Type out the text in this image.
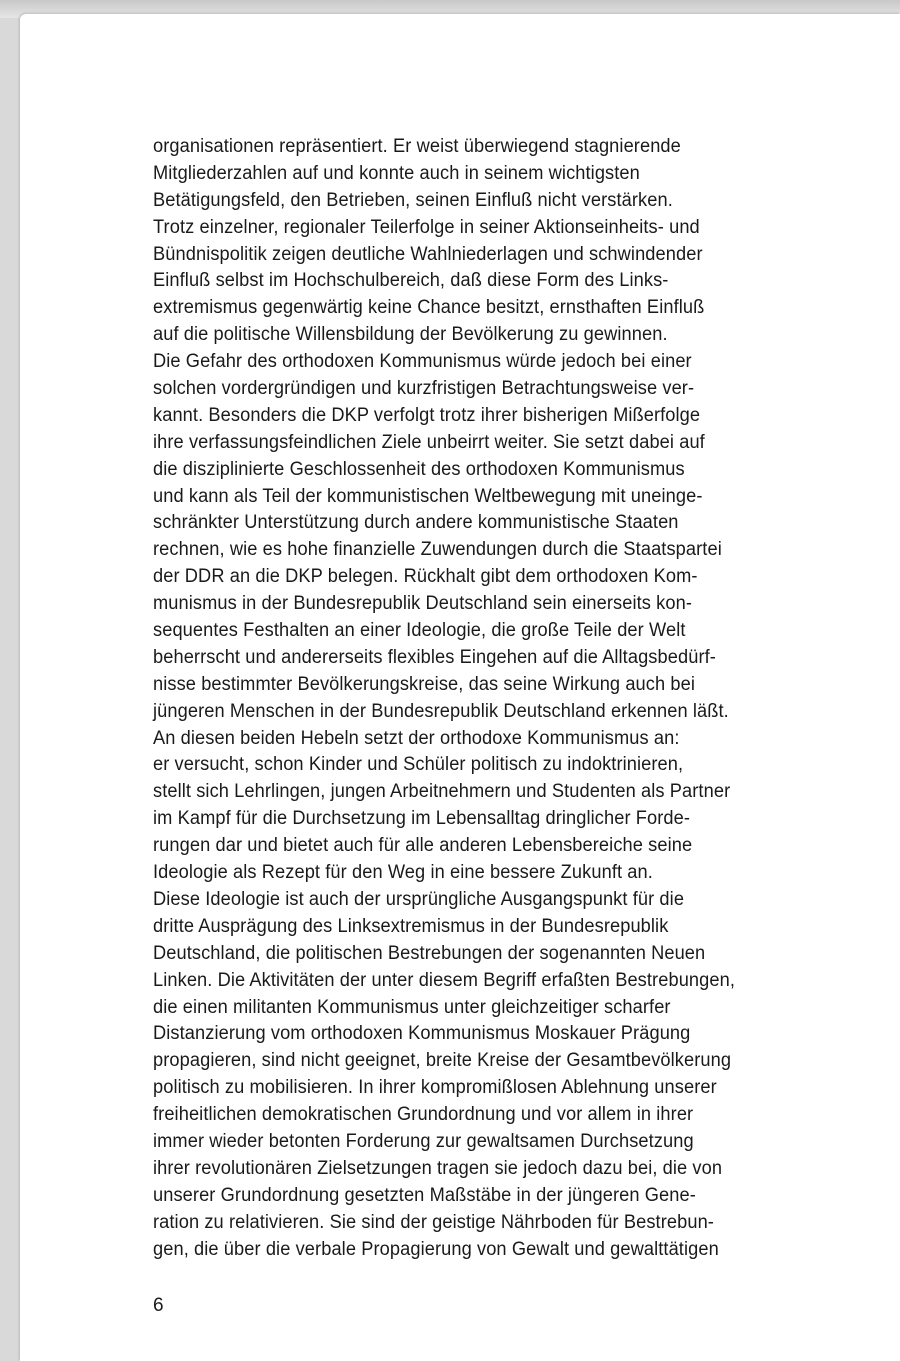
organisationen repräsentiert. Er weist überwiegend stagnierende
Mitgliederzahlen auf und konnte auch in seinem wichtigsten
Betätigungsfeld, den Betrieben, seinen Einfluß nicht verstärken.
Trotz einzelner, regionaler Teilerfolge in seiner Aktionseinheits- und
Bündnispolitik zeigen deutliche Wahlniederlagen und schwindender
Einfluß selbst im Hochschulbereich, daß diese Form des Links-
extremismus gegenwärtig keine Chance besitzt, ernsthaften Einfluß
auf die politische Willensbildung der Bevölkerung zu gewinnen.
Die Gefahr des orthodoxen Kommunismus würde jedoch bei einer
solchen vordergründigen und kurzfristigen Betrachtungsweise ver-
kannt. Besonders die DKP verfolgt trotz ihrer bisherigen Mißerfolge
ihre verfassungsfeindlichen Ziele unbeirrt weiter. Sie setzt dabei auf
die disziplinierte Geschlossenheit des orthodoxen Kommunismus
und kann als Teil der kommunistischen Weltbewegung mit uneinge-
schränkter Unterstützung durch andere kommunistische Staaten
rechnen, wie es hohe finanzielle Zuwendungen durch die Staatspartei
der DDR an die DKP belegen. Rückhalt gibt dem orthodoxen Kom-
munismus in der Bundesrepublik Deutschland sein einerseits kon-
sequentes Festhalten an einer Ideologie, die große Teile der Welt
beherrscht und andererseits flexibles Eingehen auf die Alltagsbedürf-
nisse bestimmter Bevölkerungskreise, das seine Wirkung auch bei
jüngeren Menschen in der Bundesrepublik Deutschland erkennen läßt.
An diesen beiden Hebeln setzt der orthodoxe Kommunismus an:
er versucht, schon Kinder und Schüler politisch zu indoktrinieren,
stellt sich Lehrlingen, jungen Arbeitnehmern und Studenten als Partner
im Kampf für die Durchsetzung im Lebensalltag dringlicher Forde-
rungen dar und bietet auch für alle anderen Lebensbereiche seine
Ideologie als Rezept für den Weg in eine bessere Zukunft an.
Diese Ideologie ist auch der ursprüngliche Ausgangspunkt für die
dritte Ausprägung des Linksextremismus in der Bundesrepublik
Deutschland, die politischen Bestrebungen der sogenannten Neuen
Linken. Die Aktivitäten der unter diesem Begriff erfaßten Bestrebungen,
die einen militanten Kommunismus unter gleichzeitiger scharfer
Distanzierung vom orthodoxen Kommunismus Moskauer Prägung
propagieren, sind nicht geeignet, breite Kreise der Gesamtbevölkerung
politisch zu mobilisieren. In ihrer kompromißlosen Ablehnung unserer
freiheitlichen demokratischen Grundordnung und vor allem in ihrer
immer wieder betonten Forderung zur gewaltsamen Durchsetzung
ihrer revolutionären Zielsetzungen tragen sie jedoch dazu bei, die von
unserer Grundordnung gesetzten Maßstäbe in der jüngeren Gene-
ration zu relativieren. Sie sind der geistige Nährboden für Bestrebun-
gen, die über die verbale Propagierung von Gewalt und gewalttätigen
6
